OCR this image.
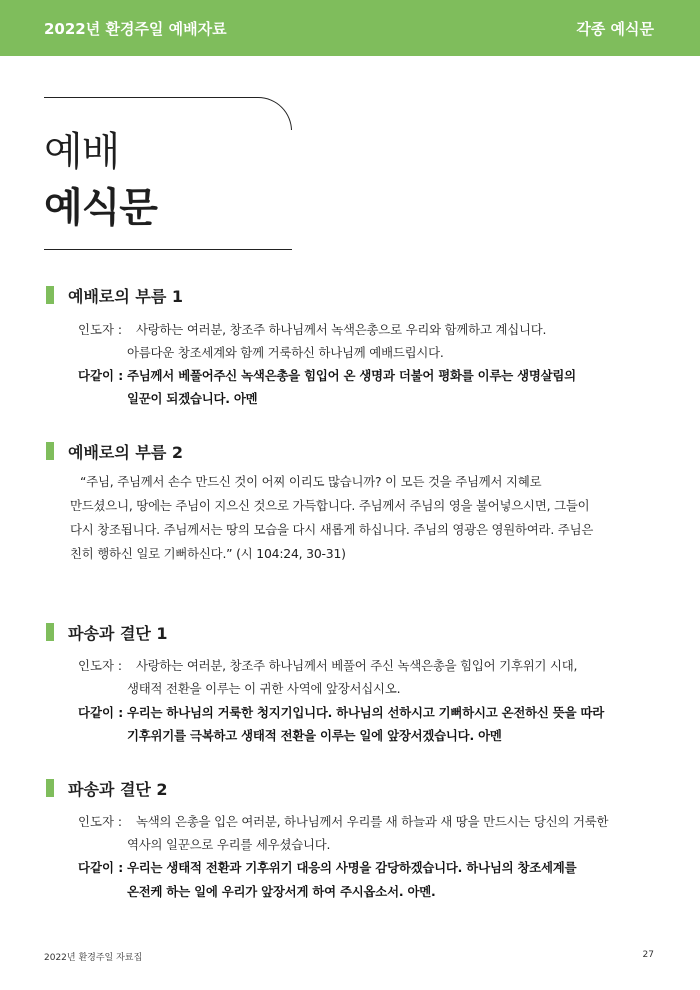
2022년 환경주일 예배자료	각종 예식문
예배
예식문
예배로의 부름 1
인도자 : 사랑하는 여러분, 창조주 하나님께서 녹색은총으로 우리와 함께하고 계십니다.
아름다운 창조세계와 함께 거룩하신 하나님께 예배드립시다.
다같이 : 주님께서 베풀어주신 녹색은총을 힘입어 온 생명과 더불어 평화를 이루는 생명살림의
일꾼이 되겠습니다. 아멘
예배로의 부름 2
“주님, 주님께서 손수 만드신 것이 어찌 이리도 많습니까? 이 모든 것을 주님께서 지혜로
만드셨으니, 땅에는 주님이 지으신 것으로 가득합니다. 주님께서 주님의 영을 불어넣으시면, 그들이
다시 창조됩니다. 주님께서는 땅의 모습을 다시 새롭게 하십니다. 주님의 영광은 영원하여라. 주님은
친히 행하신 일로 기뻐하신다.” (시 104:24, 30-31)
파송과 결단 1
인도자 : 사랑하는 여러분, 창조주 하나님께서 베풀어 주신 녹색은총을 힘입어 기후위기 시대,
생태적 전환을 이루는 이 귀한 사역에 앞장서십시오.
다같이 : 우리는 하나님의 거룩한 청지기입니다. 하나님의 선하시고 기뻐하시고 온전하신 뜻을 따라
기후위기를 극복하고 생태적 전환을 이루는 일에 앞장서겠습니다. 아멘
파송과 결단 2
인도자 : 녹색의 은총을 입은 여러분, 하나님께서 우리를 새 하늘과 새 땅을 만드시는 당신의 거룩한
역사의 일꾼으로 우리를 세우셨습니다.
다같이 : 우리는 생태적 전환과 기후위기 대응의 사명을 감당하겠습니다. 하나님의 창조세계를
온전케 하는 일에 우리가 앞장서게 하여 주시옵소서. 아멘.
2022년 환경주일 자료집	27
